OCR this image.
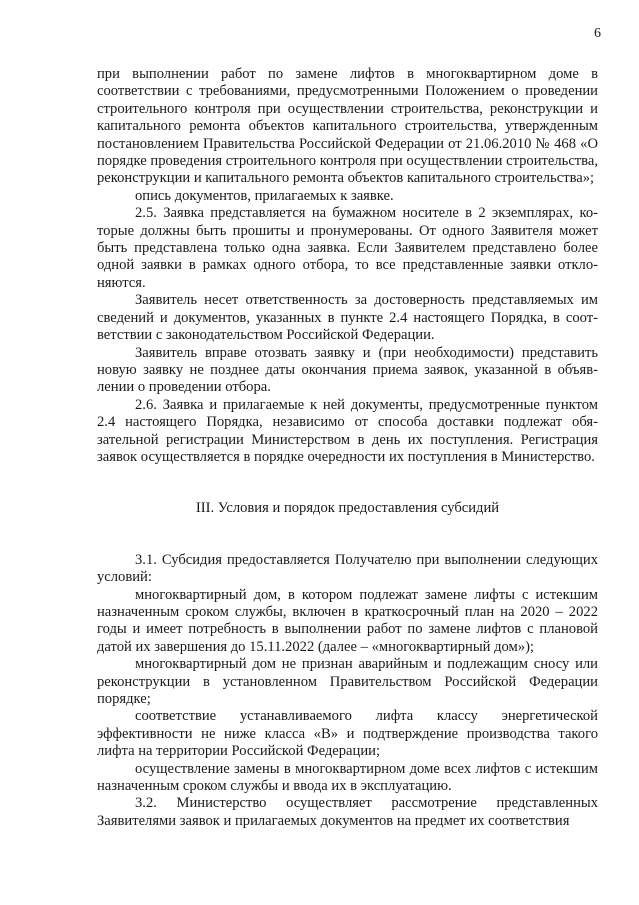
6

при выполнении работ по замене лифтов в многоквартирном доме в соответствии с требованиями, предусмотренными Положением о проведении строительного контроля при осуществлении строительства, реконструкции и капитального ремонта объектов капитального строительства, утвержденным постановлением Правительства Российской Федерации от 21.06.2010 № 468 «О порядке проведения строительного контроля при осуществлении строительства, реконструкции и капитального ремонта объектов капитального строительства»;

опись документов, прилагаемых к заявке.

2.5. Заявка представляется на бумажном носителе в 2 экземплярах, которые должны быть прошиты и пронумерованы. От одного Заявителя может быть представлена только одна заявка. Если Заявителем представлено более одной заявки в рамках одного отбора, то все представленные заявки отклоняются.

Заявитель несет ответственность за достоверность представляемых им сведений и документов, указанных в пункте 2.4 настоящего Порядка, в соответствии с законодательством Российской Федерации.

Заявитель вправе отозвать заявку и (при необходимости) представить новую заявку не позднее даты окончания приема заявок, указанной в объявлении о проведении отбора.

2.6. Заявка и прилагаемые к ней документы, предусмотренные пунктом 2.4 настоящего Порядка, независимо от способа доставки подлежат обязательной регистрации Министерством в день их поступления. Регистрация заявок осуществляется в порядке очередности их поступления в Министерство.

III. Условия и порядок предоставления субсидий

3.1. Субсидия предоставляется Получателю при выполнении следующих условий:

многоквартирный дом, в котором подлежат замене лифты с истекшим назначенным сроком службы, включен в краткосрочный план на 2020 – 2022 годы и имеет потребность в выполнении работ по замене лифтов с плановой датой их завершения до 15.11.2022 (далее – «многоквартирный дом»);

многоквартирный дом не признан аварийным и подлежащим сносу или реконструкции в установленном Правительством Российской Федерации порядке;

соответствие устанавливаемого лифта классу энергетической эффективности не ниже класса «В» и подтверждение производства такого лифта на территории Российской Федерации;

осуществление замены в многоквартирном доме всех лифтов с истекшим назначенным сроком службы и ввода их в эксплуатацию.

3.2. Министерство осуществляет рассмотрение представленных Заявителями заявок и прилагаемых документов на предмет их соответствия
